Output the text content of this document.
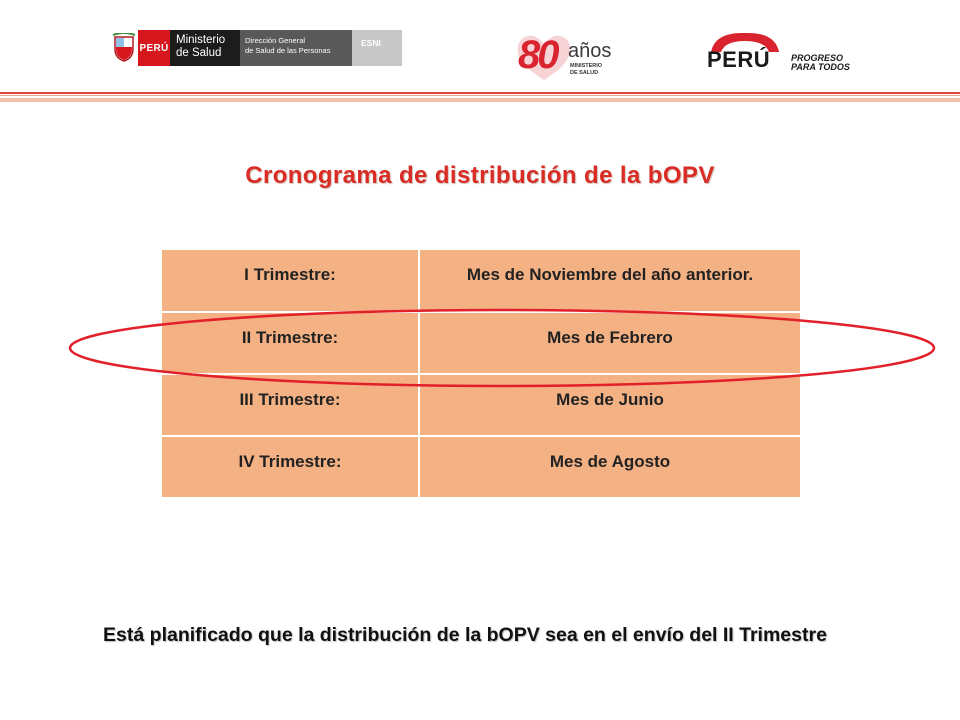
PERÚ
Ministerio
de Salud
Dirección General
de Salud de las Personas
ESNI	80 años
MINISTERIO
DE SALUD
PERÚ PROGRESO
PARA TODOS
Cronograma de distribución de la bOPV
I Trimestre:	Mes de Noviembre del año anterior.
II Trimestre:	Mes de Febrero
III Trimestre:	Mes de Junio
IV Trimestre:	Mes de Agosto
Está planificado que la distribución de la bOPV sea en el envío del II Trimestre
